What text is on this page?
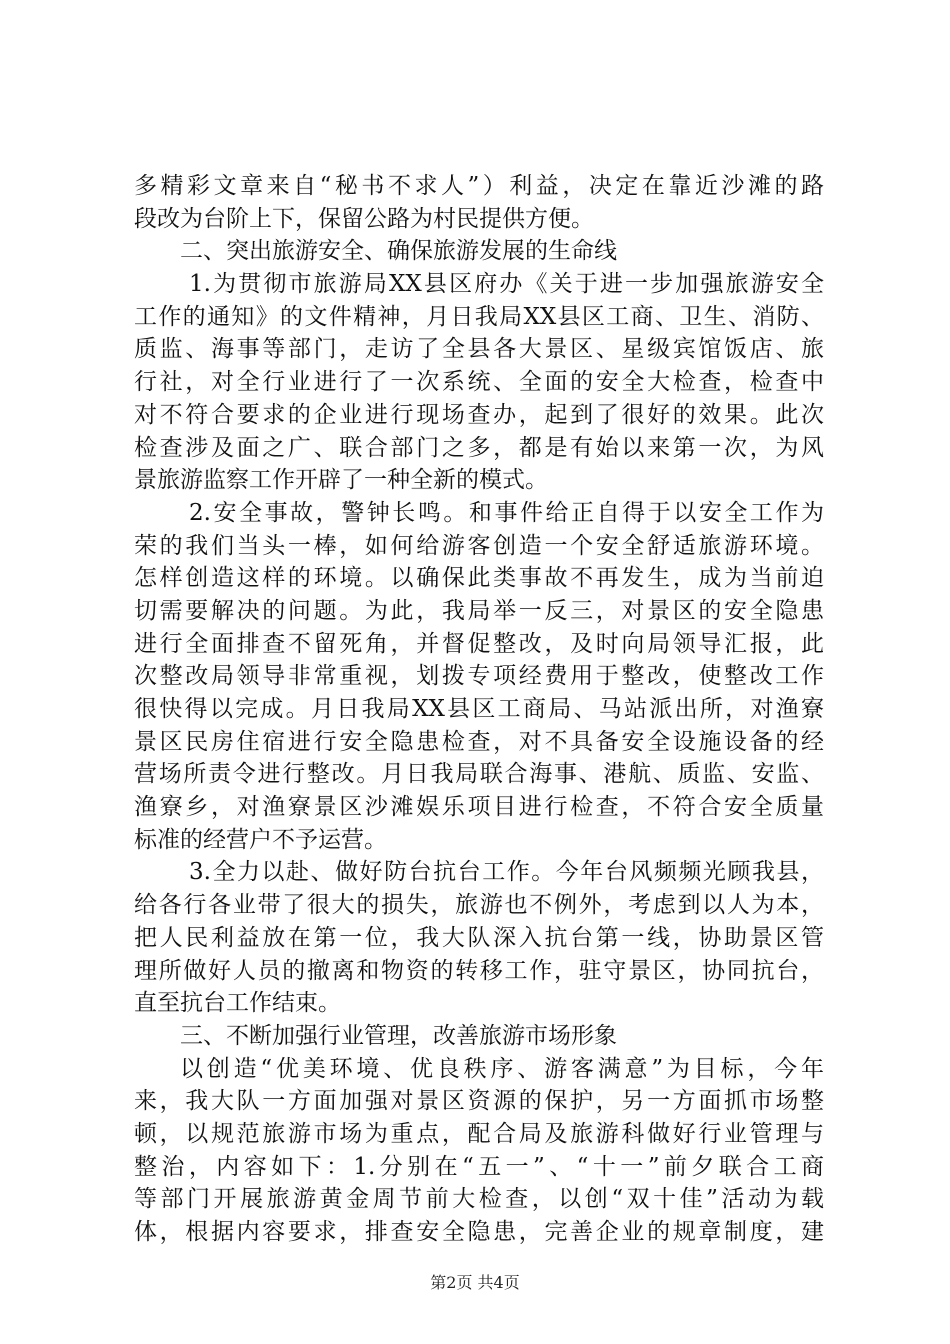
多精彩文章来自“秘书不求人”）利益，决定在靠近沙滩的路
段改为台阶上下，保留公路为村民提供方便。
二、突出旅游安全、确保旅游发展的生命线
1.为贯彻市旅游局XX县区府办《关于进一步加强旅游安全
工作的通知》的文件精神，月日我局XX县区工商、卫生、消防、
质监、海事等部门，走访了全县各大景区、星级宾馆饭店、旅
行社，对全行业进行了一次系统、全面的安全大检查，检查中
对不符合要求的企业进行现场查办，起到了很好的效果。此次
检查涉及面之广、联合部门之多，都是有始以来第一次，为风
景旅游监察工作开辟了一种全新的模式。
2.安全事故，警钟长鸣。和事件给正自得于以安全工作为
荣的我们当头一棒，如何给游客创造一个安全舒适旅游环境。
怎样创造这样的环境。以确保此类事故不再发生，成为当前迫
切需要解决的问题。为此，我局举一反三，对景区的安全隐患
进行全面排查不留死角，并督促整改，及时向局领导汇报，此
次整改局领导非常重视，划拨专项经费用于整改，使整改工作
很快得以完成。月日我局XX县区工商局、马站派出所，对渔寮
景区民房住宿进行安全隐患检查，对不具备安全设施设备的经
营场所责令进行整改。月日我局联合海事、港航、质监、安监、
渔寮乡，对渔寮景区沙滩娱乐项目进行检查，不符合安全质量
标准的经营户不予运营。
3.全力以赴、做好防台抗台工作。今年台风频频光顾我县，
给各行各业带了很大的损失，旅游也不例外，考虑到以人为本，
把人民利益放在第一位，我大队深入抗台第一线，协助景区管
理所做好人员的撤离和物资的转移工作，驻守景区，协同抗台，
直至抗台工作结束。
三、不断加强行业管理，改善旅游市场形象
以创造“优美环境、优良秩序、游客满意”为目标，今年
来，我大队一方面加强对景区资源的保护，另一方面抓市场整
顿，以规范旅游市场为重点，配合局及旅游科做好行业管理与
整治，内容如下：1.分别在“五一”、“十一”前夕联合工商
等部门开展旅游黄金周节前大检查，以创“双十佳”活动为载
体，根据内容要求，排查安全隐患，完善企业的规章制度，建
第2页 共4页
